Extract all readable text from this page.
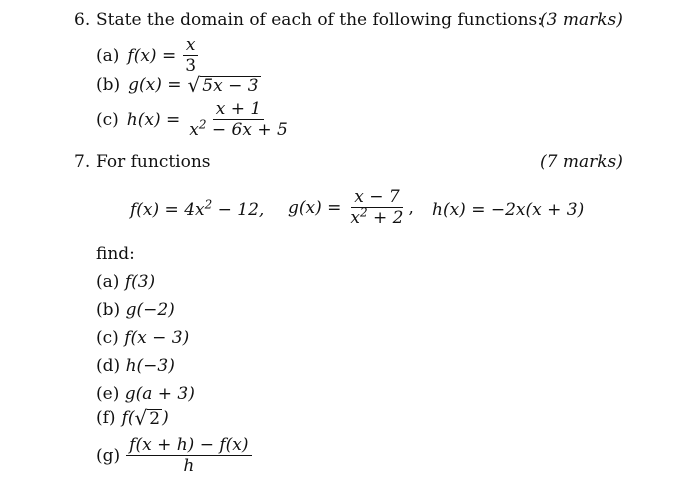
6. State the domain of each of the following functions:
(3 marks)
(a) $f(x) = \frac{x}{3}$
(b) g(x) = √ 5x − 3
(c) $h(x) = \frac{x + 1}{x^2 - 6x + 5}$
7. For functions	(7 marks)
$f(x) = 4x^2 - 12$, $g(x) = \frac{x - 7}{x^2 + 2}$ , h(x) = −2x(x + 3)
find:
(a) f(3)
(b) g(−2)
(c) f(x − 3)
(d) h(−3)
(e) g(a + 3)
(f) f( √ 2 )
$(g) \frac{f(x + h) - f(x)}{h}$
